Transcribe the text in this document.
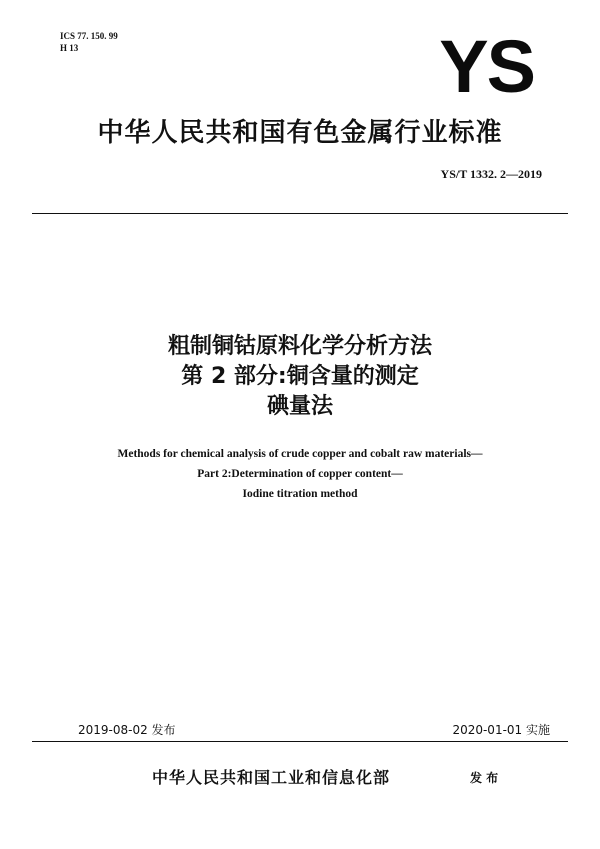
ICS 77. 150. 99
H 13	YS
中华人民共和国有色金属行业标准
YS/T 1332. 2—2019
粗制铜钴原料化学分析方法
第 2 部分:铜含量的测定
碘量法
Methods for chemical analysis of crude copper and cobalt raw materials—
Part 2:Determination of copper content—
Iodine titration method
2019-08-02 发布	2020-01-01 实施
中华人民共和国工业和信息化部	发 布
